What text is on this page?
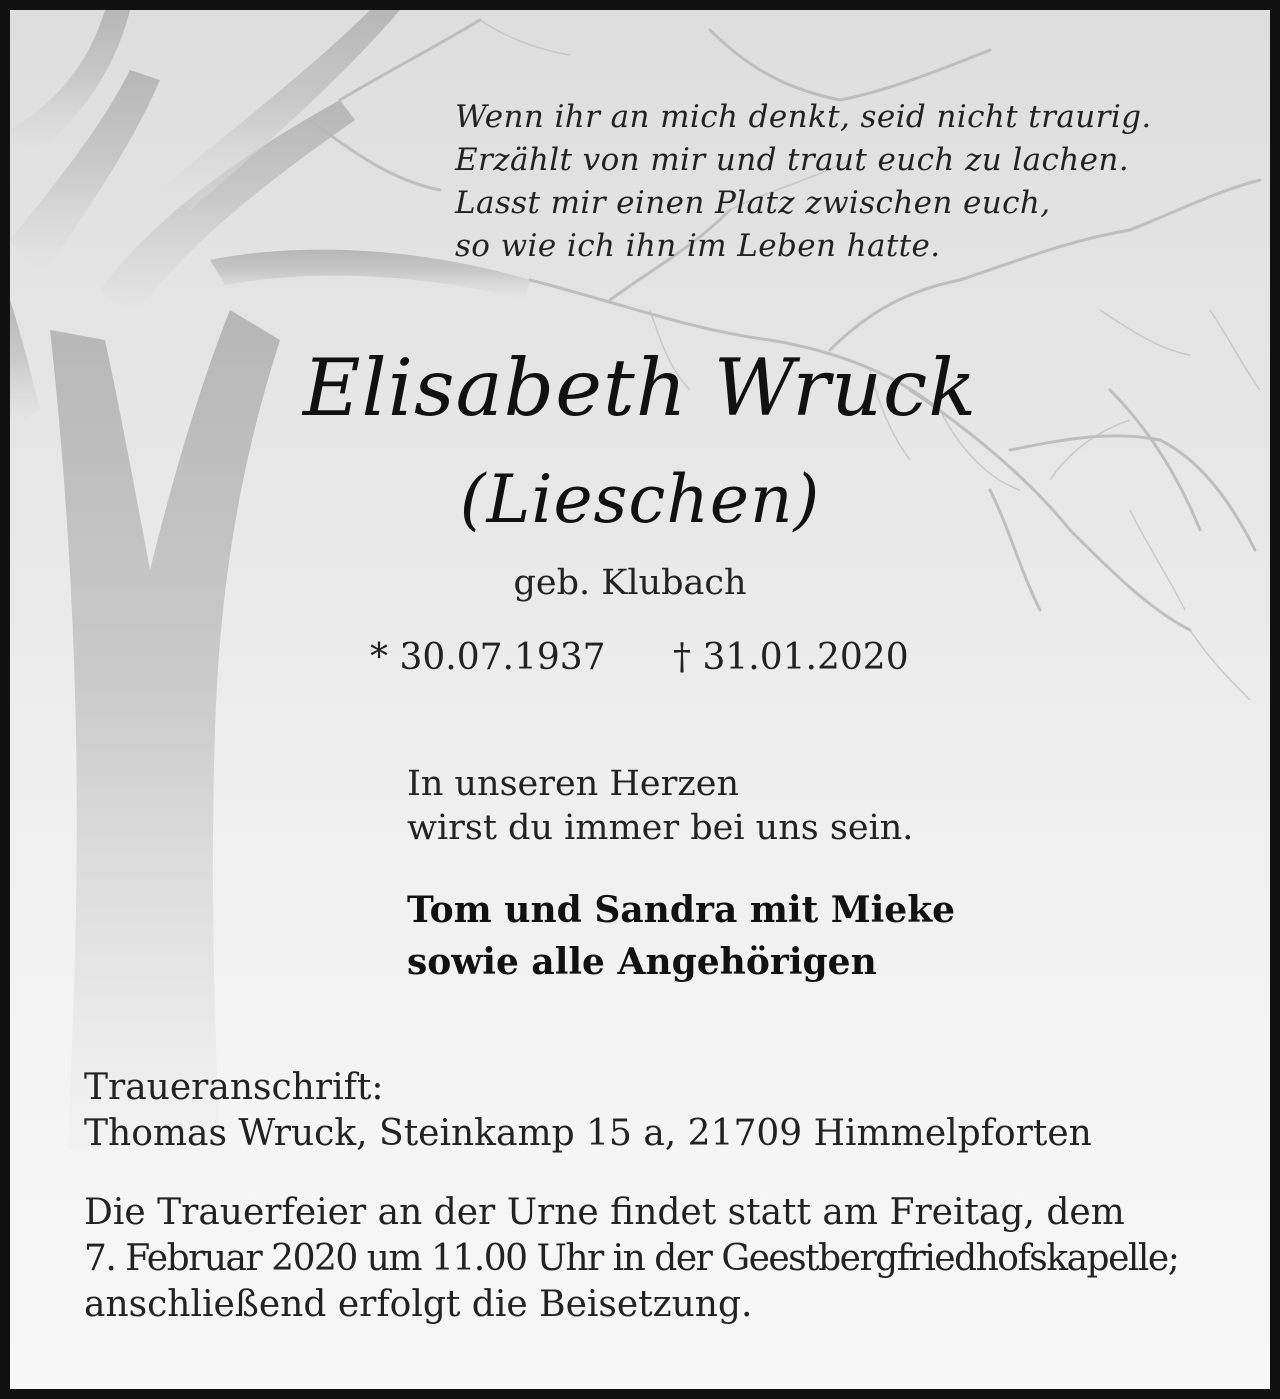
Wenn ihr an mich denkt, seid nicht traurig.
Erzählt von mir und traut euch zu lachen.
Lasst mir einen Platz zwischen euch,
so wie ich ihn im Leben hatte.
Elisabeth Wruck
(Lieschen)
geb. Klubach
* 30.07.1937 † 31.01.2020
In unseren Herzen
wirst du immer bei uns sein.
Tom und Sandra mit Mieke
sowie alle Angehörigen
Traueranschrift:
Thomas Wruck, Steinkamp 15 a, 21709 Himmelpforten
Die Trauerfeier an der Urne findet statt am Freitag, dem
7. Februar 2020 um 11.00 Uhr in der Geestbergfriedhofskapelle;
anschließend erfolgt die Beisetzung.
